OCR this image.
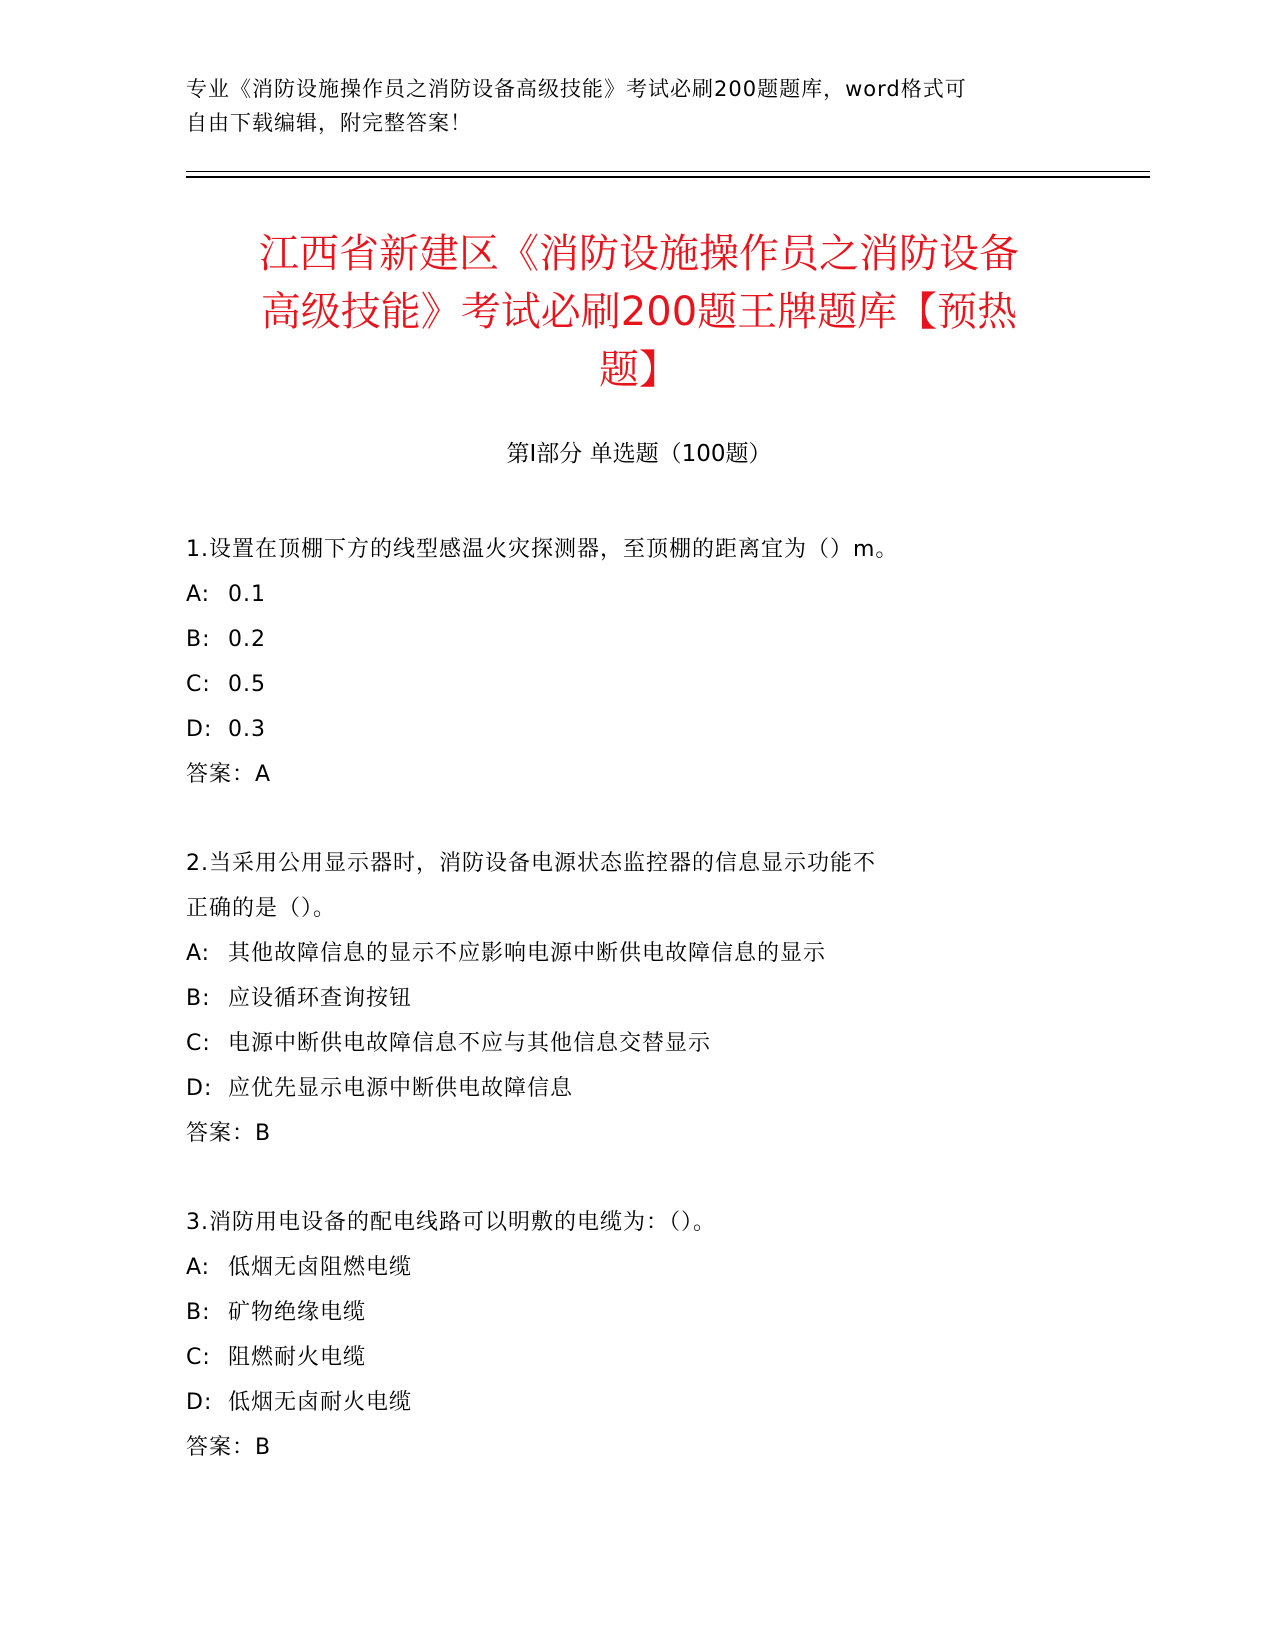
专业《消防设施操作员之消防设备高级技能》考试必刷200题题库，word格式可
自由下载编辑，附完整答案！
江西省新建区《消防设施操作员之消防设备
高级技能》考试必刷200题王牌题库【预热
题】
第Ⅰ部分 单选题（100题）

1.设置在顶棚下方的线型感温火灾探测器，至顶棚的距离宜为（）m。

A: 0.1

B: 0.2

C: 0.5

D: 0.3

答案：A

2.当采用公用显示器时，消防设备电源状态监控器的信息显示功能不

正确的是（）。

A: 其他故障信息的显示不应影响电源中断供电故障信息的显示

B: 应设循环查询按钮

C: 电源中断供电故障信息不应与其他信息交替显示

D: 应优先显示电源中断供电故障信息

答案：B

3.消防用电设备的配电线路可以明敷的电缆为：（）。

A: 低烟无卤阻燃电缆

B: 矿物绝缘电缆

C: 阻燃耐火电缆

D: 低烟无卤耐火电缆

答案：B
